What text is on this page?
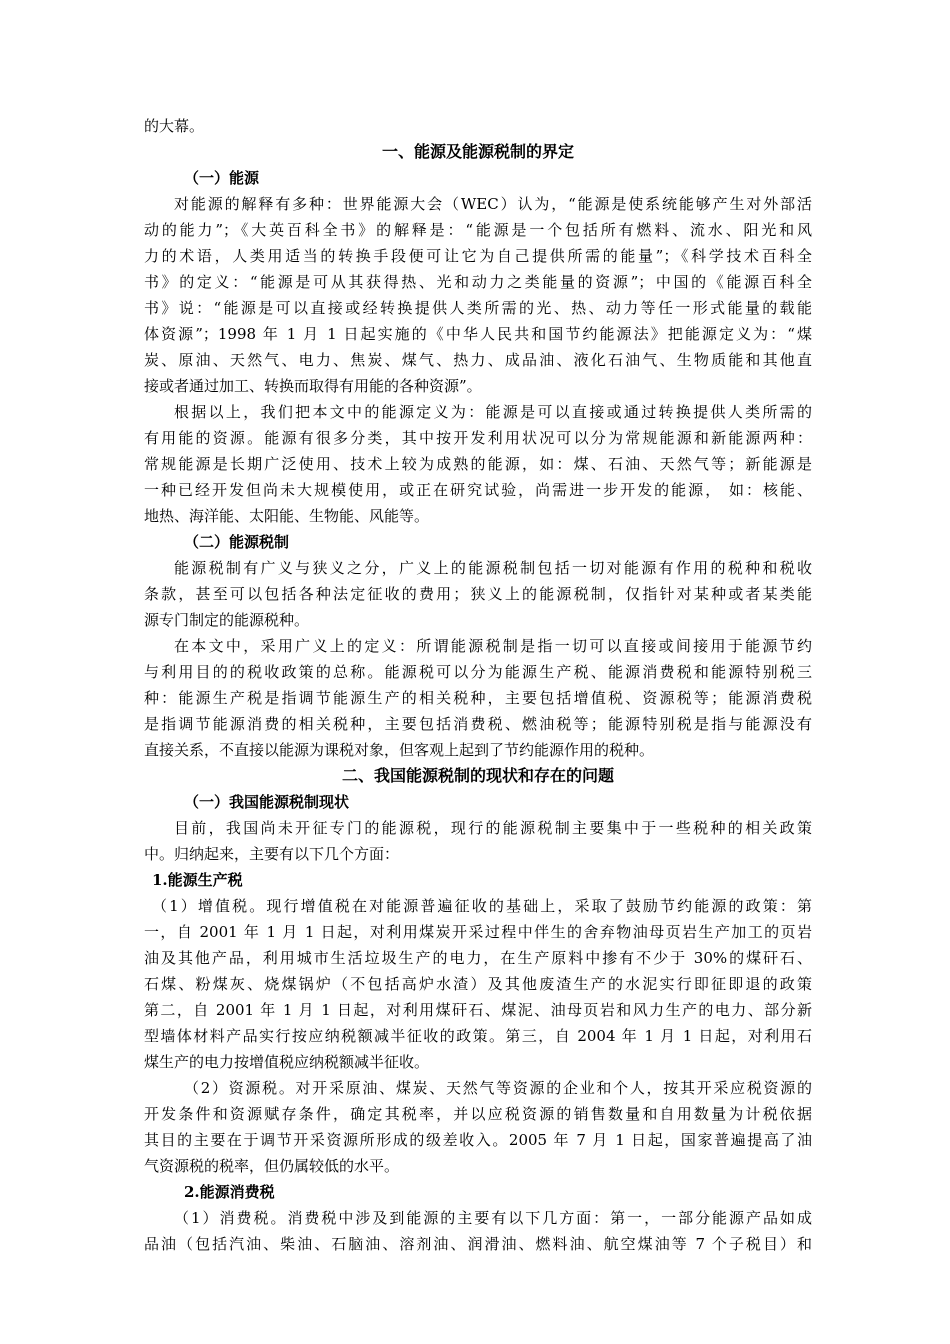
的大幕。
一、能源及能源税制的界定
（一）能源
对能源的解释有多种：世界能源大会（WEC）认为，“能源是使系统能够产生对外部活
动的能力”；《大英百科全书》的解释是：“能源是一个包括所有燃料、流水、阳光和风
力的术语，人类用适当的转换手段便可让它为自己提供所需的能量”；《科学技术百科全
书》的定义：“能源是可从其获得热、光和动力之类能量的资源”；中国的《能源百科全
书》说：“能源是可以直接或经转换提供人类所需的光、热、动力等任一形式能量的载能
体资源”；1998 年 1 月 1 日起实施的《中华人民共和国节约能源法》把能源定义为：“煤
炭、原油、天然气、电力、焦炭、煤气、热力、成品油、液化石油气、生物质能和其他直
接或者通过加工、转换而取得有用能的各种资源”。
根据以上，我们把本文中的能源定义为：能源是可以直接或通过转换提供人类所需的
有用能的资源。能源有很多分类，其中按开发利用状况可以分为常规能源和新能源两种：
常规能源是长期广泛使用、技术上较为成熟的能源，如：煤、石油、天然气等；新能源是
一种已经开发但尚未大规模使用，或正在研究试验，尚需进一步开发的能源， 如：核能、
地热、海洋能、太阳能、生物能、风能等。
（二）能源税制
能源税制有广义与狭义之分，广义上的能源税制包括一切对能源有作用的税种和税收
条款，甚至可以包括各种法定征收的费用；狭义上的能源税制，仅指针对某种或者某类能
源专门制定的能源税种。
在本文中，采用广义上的定义：所谓能源税制是指一切可以直接或间接用于能源节约
与利用目的的税收政策的总称。能源税可以分为能源生产税、能源消费税和能源特别税三
种：能源生产税是指调节能源生产的相关税种，主要包括增值税、资源税等；能源消费税
是指调节能源消费的相关税种，主要包括消费税、燃油税等；能源特别税是指与能源没有
直接关系，不直接以能源为课税对象，但客观上起到了节约能源作用的税种。
二、我国能源税制的现状和存在的问题
（一）我国能源税制现状
目前，我国尚未开征专门的能源税，现行的能源税制主要集中于一些税种的相关政策
中。归纳起来，主要有以下几个方面：
1.能源生产税
（1）增值税。现行增值税在对能源普遍征收的基础上，采取了鼓励节约能源的政策：第
一，自 2001 年 1 月 1 日起，对利用煤炭开采过程中伴生的舍弃物油母页岩生产加工的页岩
油及其他产品，利用城市生活垃圾生产的电力，在生产原料中掺有不少于 30%的煤矸石、
石煤、粉煤灰、烧煤锅炉（不包括高炉水渣）及其他废渣生产的水泥实行即征即退的政策
第二，自 2001 年 1 月 1 日起，对利用煤矸石、煤泥、油母页岩和风力生产的电力、部分新
型墙体材料产品实行按应纳税额减半征收的政策。第三，自 2004 年 1 月 1 日起，对利用石
煤生产的电力按增值税应纳税额减半征收。
（2）资源税。对开采原油、煤炭、天然气等资源的企业和个人，按其开采应税资源的
开发条件和资源赋存条件，确定其税率，并以应税资源的销售数量和自用数量为计税依据
其目的主要在于调节开采资源所形成的级差收入。2005 年 7 月 1 日起，国家普遍提高了油
气资源税的税率，但仍属较低的水平。
2.能源消费税
（1）消费税。消费税中涉及到能源的主要有以下几方面：第一，一部分能源产品如成
品油（包括汽油、柴油、石脑油、溶剂油、润滑油、燃料油、航空煤油等 7 个子税目）和
